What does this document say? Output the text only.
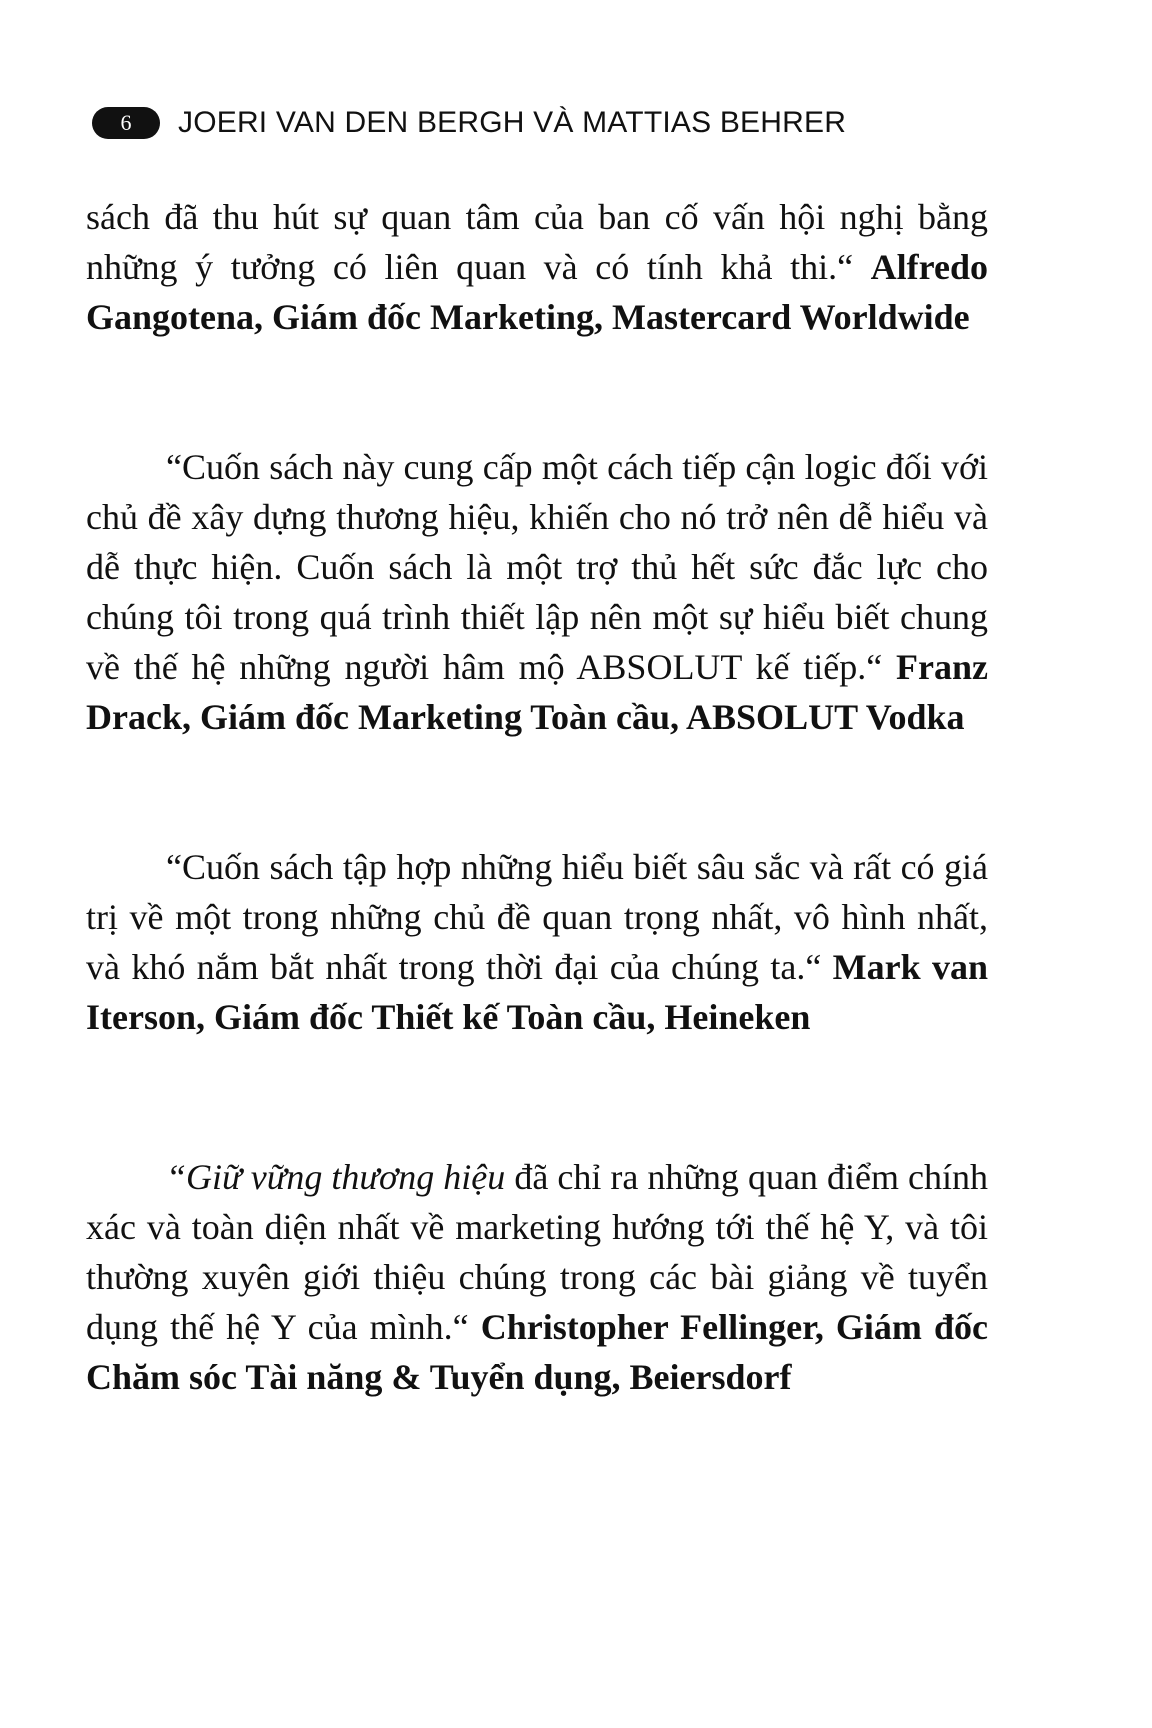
6	JOERI VAN DEN BERGH VÀ MATTIAS BEHRER

sách đã thu hút sự quan tâm của ban cố vấn hội nghị bằng những ý tưởng có liên quan và có tính khả thi.“ Alfredo Gangotena, Giám đốc Marketing, Mastercard Worldwide

“Cuốn sách này cung cấp một cách tiếp cận logic đối với chủ đề xây dựng thương hiệu, khiến cho nó trở nên dễ hiểu và dễ thực hiện. Cuốn sách là một trợ thủ hết sức đắc lực cho chúng tôi trong quá trình thiết lập nên một sự hiểu biết chung về thế hệ những người hâm mộ ABSOLUT kế tiếp.“ Franz Drack, Giám đốc Marketing Toàn cầu, ABSOLUT Vodka

“Cuốn sách tập hợp những hiểu biết sâu sắc và rất có giá trị về một trong những chủ đề quan trọng nhất, vô hình nhất, và khó nắm bắt nhất trong thời đại của chúng ta.“ Mark van Iterson, Giám đốc Thiết kế Toàn cầu, Heineken

“Giữ vững thương hiệu đã chỉ ra những quan điểm chính xác và toàn diện nhất về marketing hướng tới thế hệ Y, và tôi thường xuyên giới thiệu chúng trong các bài giảng về tuyển dụng thế hệ Y của mình.“ Christopher Fellinger, Giám đốc Chăm sóc Tài năng & Tuyển dụng, Beiersdorf
